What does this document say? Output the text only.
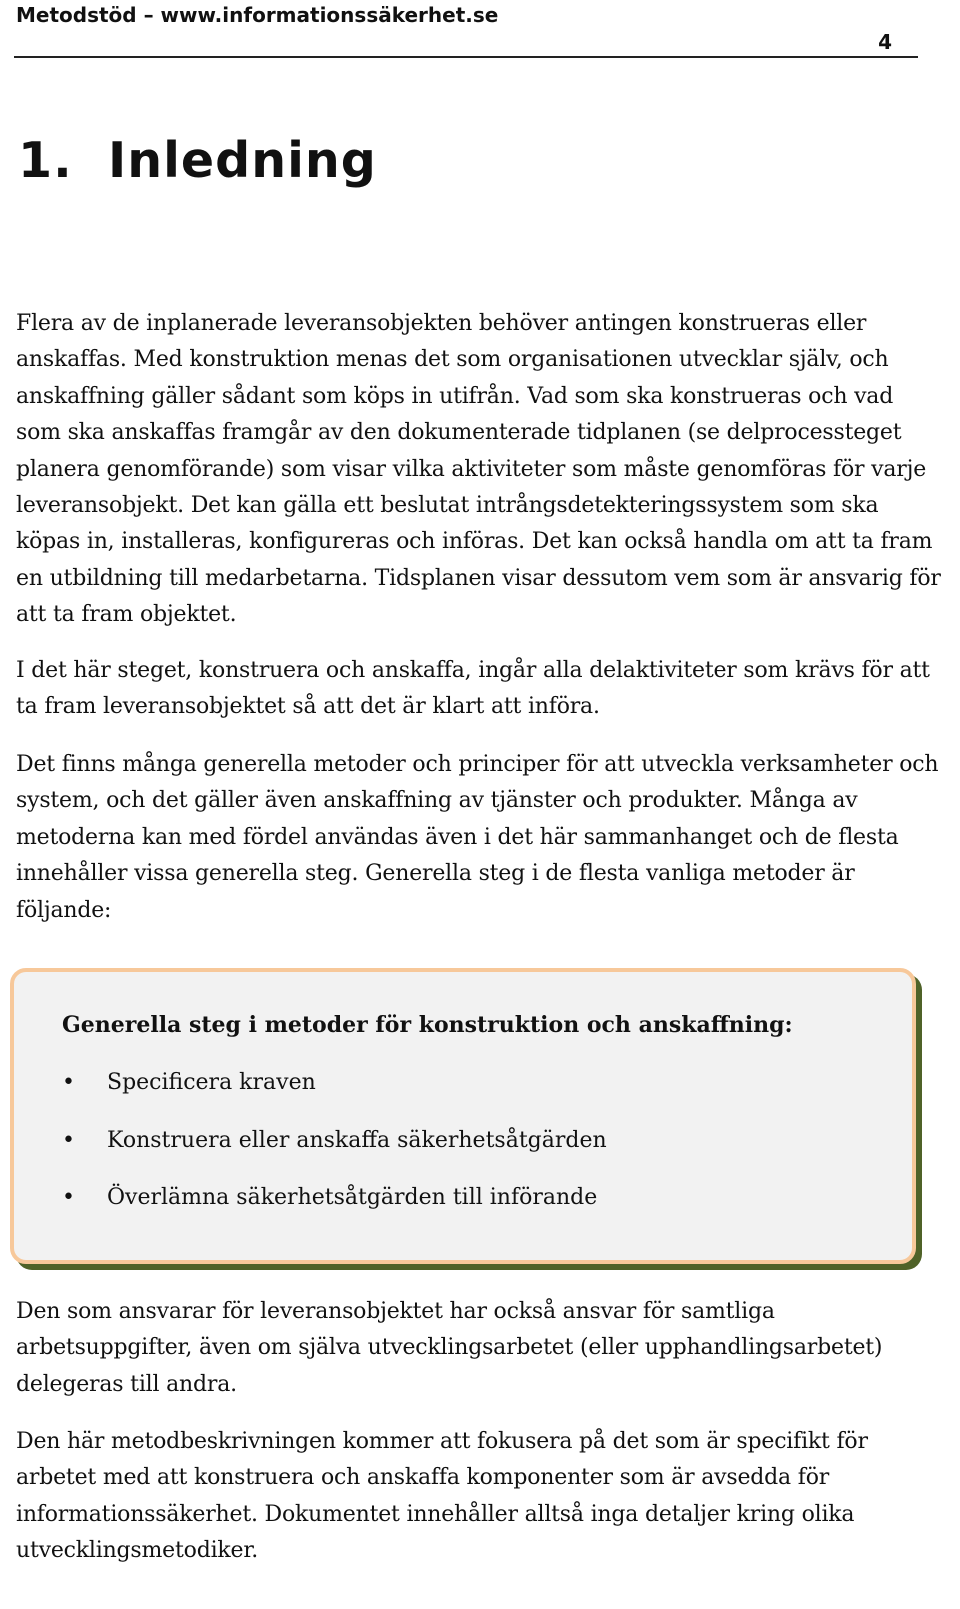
Metodstöd – www.informationssäkerhet.se
4
1. Inledning

Flera av de inplanerade leveransobjekten behöver antingen konstrueras eller anskaffas. Med konstruktion menas det som organisationen utvecklar själv, och anskaffning gäller sådant som köps in utifrån. Vad som ska konstrueras och vad som ska anskaffas framgår av den dokumenterade tidplanen (se delprocessteget planera genomförande) som visar vilka aktiviteter som måste genomföras för varje leveransobjekt. Det kan gälla ett beslutat intrångsdetekteringssystem som ska köpas in, installeras, konfigureras och införas. Det kan också handla om att ta fram en utbildning till medarbetarna. Tidsplanen visar dessutom vem som är ansvarig för att ta fram objektet.

I det här steget, konstruera och anskaffa, ingår alla delaktiviteter som krävs för att ta fram leveransobjektet så att det är klart att införa.

Det finns många generella metoder och principer för att utveckla verksamheter och system, och det gäller även anskaffning av tjänster och produkter. Många av metoderna kan med fördel användas även i det här sammanhanget och de flesta innehåller vissa generella steg. Generella steg i de flesta vanliga metoder är följande:

Generella steg i metoder för konstruktion och anskaffning:

• Specificera kraven
• Konstruera eller anskaffa säkerhetsåtgärden
• Överlämna säkerhetsåtgärden till införande

Den som ansvarar för leveransobjektet har också ansvar för samtliga arbetsuppgifter, även om själva utvecklingsarbetet (eller upphandlingsarbetet) delegeras till andra.

Den här metodbeskrivningen kommer att fokusera på det som är specifikt för arbetet med att konstruera och anskaffa komponenter som är avsedda för informationssäkerhet. Dokumentet innehåller alltså inga detaljer kring olika utvecklingsmetodiker.
